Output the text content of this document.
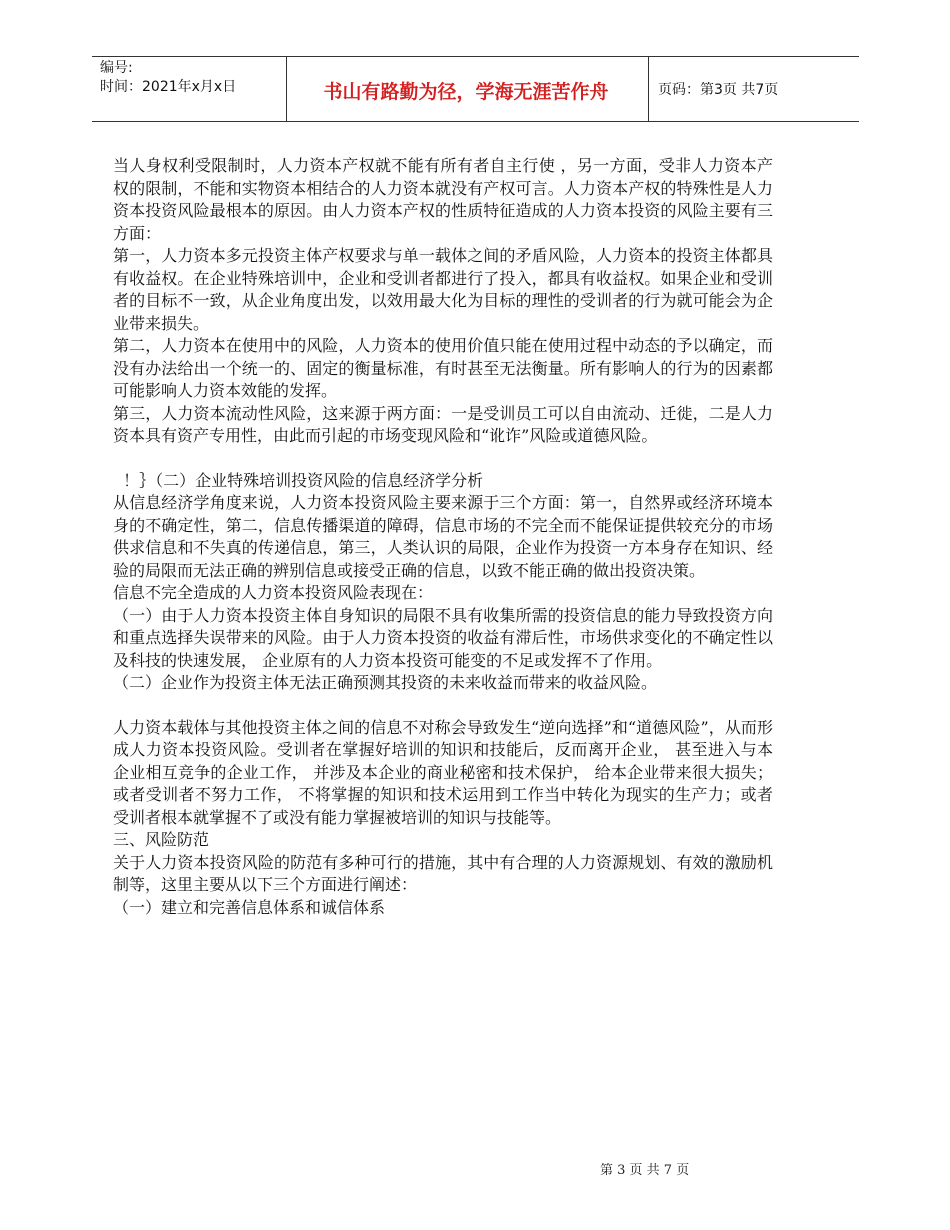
编号:
时间：2021年x月x日	书山有路勤为径，学海无涯苦作舟	页码：第3页 共7页

当人身权利受限制时，人力资本产权就不能有所有者自主行使 ，另一方面，受非人力资本产权的限制，不能和实物资本相结合的人力资本就没有产权可言。人力资本产权的特殊性是人力资本投资风险最根本的原因。由人力资本产权的性质特征造成的人力资本投资的风险主要有三方面：

第一，人力资本多元投资主体产权要求与单一载体之间的矛盾风险，人力资本的投资主体都具有收益权。在企业特殊培训中，企业和受训者都进行了投入，都具有收益权。如果企业和受训者的目标不一致，从企业角度出发，以效用最大化为目标的理性的受训者的行为就可能会为企业带来损失。

第二，人力资本在使用中的风险，人力资本的使用价值只能在使用过程中动态的予以确定，而没有办法给出一个统一的、固定的衡量标准，有时甚至无法衡量。所有影响人的行为的因素都可能影响人力资本效能的发挥。

第三，人力资本流动性风险，这来源于两方面：一是受训员工可以自由流动、迁徙，二是人力资本具有资产专用性，由此而引起的市场变现风险和“讹诈”风险或道德风险。

！｝（二）企业特殊培训投资风险的信息经济学分析

从信息经济学角度来说，人力资本投资风险主要来源于三个方面：第一，自然界或经济环境本身的不确定性，第二，信息传播渠道的障碍，信息市场的不完全而不能保证提供较充分的市场供求信息和不失真的传递信息，第三，人类认识的局限，企业作为投资一方本身存在知识、经验的局限而无法正确的辨别信息或接受正确的信息，以致不能正确的做出投资决策。

信息不完全造成的人力资本投资风险表现在：

（一）由于人力资本投资主体自身知识的局限不具有收集所需的投资信息的能力导致投资方向和重点选择失误带来的风险。由于人力资本投资的收益有滞后性，市场供求变化的不确定性以及科技的快速发展， 企业原有的人力资本投资可能变的不足或发挥不了作用。

（二）企业作为投资主体无法正确预测其投资的未来收益而带来的收益风险。

人力资本载体与其他投资主体之间的信息不对称会导致发生“逆向选择”和“道德风险”，从而形成人力资本投资风险。受训者在掌握好培训的知识和技能后，反而离开企业， 甚至进入与本企业相互竞争的企业工作， 并涉及本企业的商业秘密和技术保护， 给本企业带来很大损失；或者受训者不努力工作， 不将掌握的知识和技术运用到工作当中转化为现实的生产力；或者受训者根本就掌握不了或没有能力掌握被培训的知识与技能等。

三、风险防范

关于人力资本投资风险的防范有多种可行的措施，其中有合理的人力资源规划、有效的激励机制等，这里主要从以下三个方面进行阐述：

（一）建立和完善信息体系和诚信体系

第 3 页 共 7 页
